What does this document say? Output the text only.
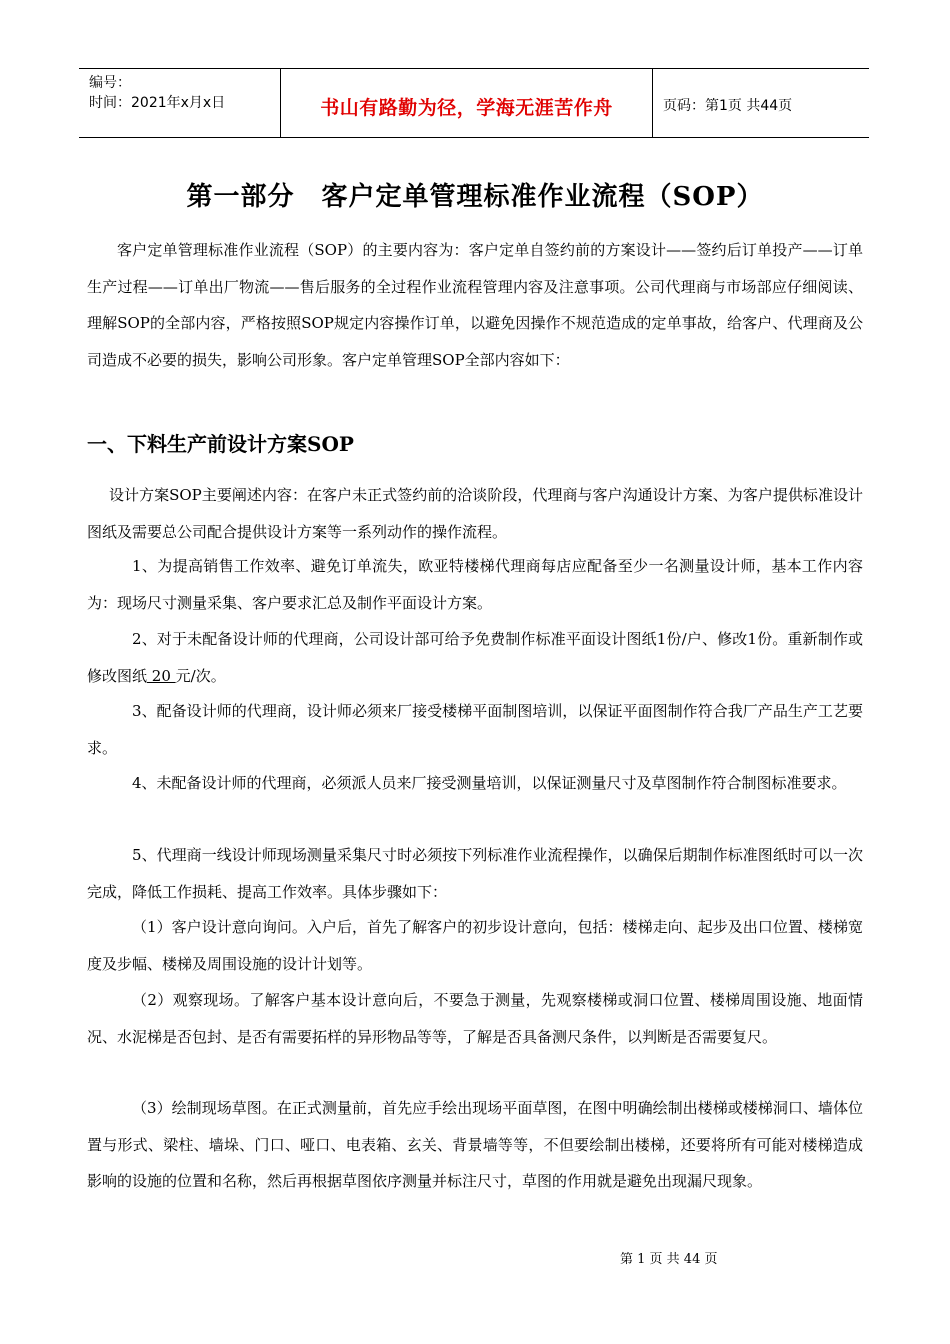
编号：
时间：2021年x月x日	书山有路勤为径，学海无涯苦作舟	页码：第1页 共44页
第一部分　客户定单管理标准作业流程（SOP）

客户定单管理标准作业流程（SOP）的主要内容为：客户定单自签约前的方案设计——签约后订单投产——订单生产过程——订单出厂物流——售后服务的全过程作业流程管理内容及注意事项。公司代理商与市场部应仔细阅读、理解SOP的全部内容，严格按照SOP规定内容操作订单，以避免因操作不规范造成的定单事故，给客户、代理商及公司造成不必要的损失，影响公司形象。客户定单管理SOP全部内容如下：

一、下料生产前设计方案SOP

设计方案SOP主要阐述内容：在客户未正式签约前的洽谈阶段，代理商与客户沟通设计方案、为客户提供标准设计图纸及需要总公司配合提供设计方案等一系列动作的操作流程。

1、为提高销售工作效率、避免订单流失，欧亚特楼梯代理商每店应配备至少一名测量设计师，基本工作内容为：现场尺寸测量采集、客户要求汇总及制作平面设计方案。

2、对于未配备设计师的代理商，公司设计部可给予免费制作标准平面设计图纸1份/户、修改1份。重新制作或修改图纸 20 元/次。

3、配备设计师的代理商，设计师必须来厂接受楼梯平面制图培训，以保证平面图制作符合我厂产品生产工艺要求。

4、未配备设计师的代理商，必须派人员来厂接受测量培训，以保证测量尺寸及草图制作符合制图标准要求。

5、代理商一线设计师现场测量采集尺寸时必须按下列标准作业流程操作，以确保后期制作标准图纸时可以一次完成，降低工作损耗、提高工作效率。具体步骤如下：

（1）客户设计意向询问。入户后，首先了解客户的初步设计意向，包括：楼梯走向、起步及出口位置、楼梯宽度及步幅、楼梯及周围设施的设计计划等。

（2）观察现场。了解客户基本设计意向后，不要急于测量，先观察楼梯或洞口位置、楼梯周围设施、地面情况、水泥梯是否包封、是否有需要拓样的异形物品等等，了解是否具备测尺条件，以判断是否需要复尺。

（3）绘制现场草图。在正式测量前，首先应手绘出现场平面草图，在图中明确绘制出楼梯或楼梯洞口、墙体位置与形式、梁柱、墙垛、门口、哑口、电表箱、玄关、背景墙等等，不但要绘制出楼梯，还要将所有可能对楼梯造成影响的设施的位置和名称，然后再根据草图依序测量并标注尺寸，草图的作用就是避免出现漏尺现象。

第 1 页 共 44 页
